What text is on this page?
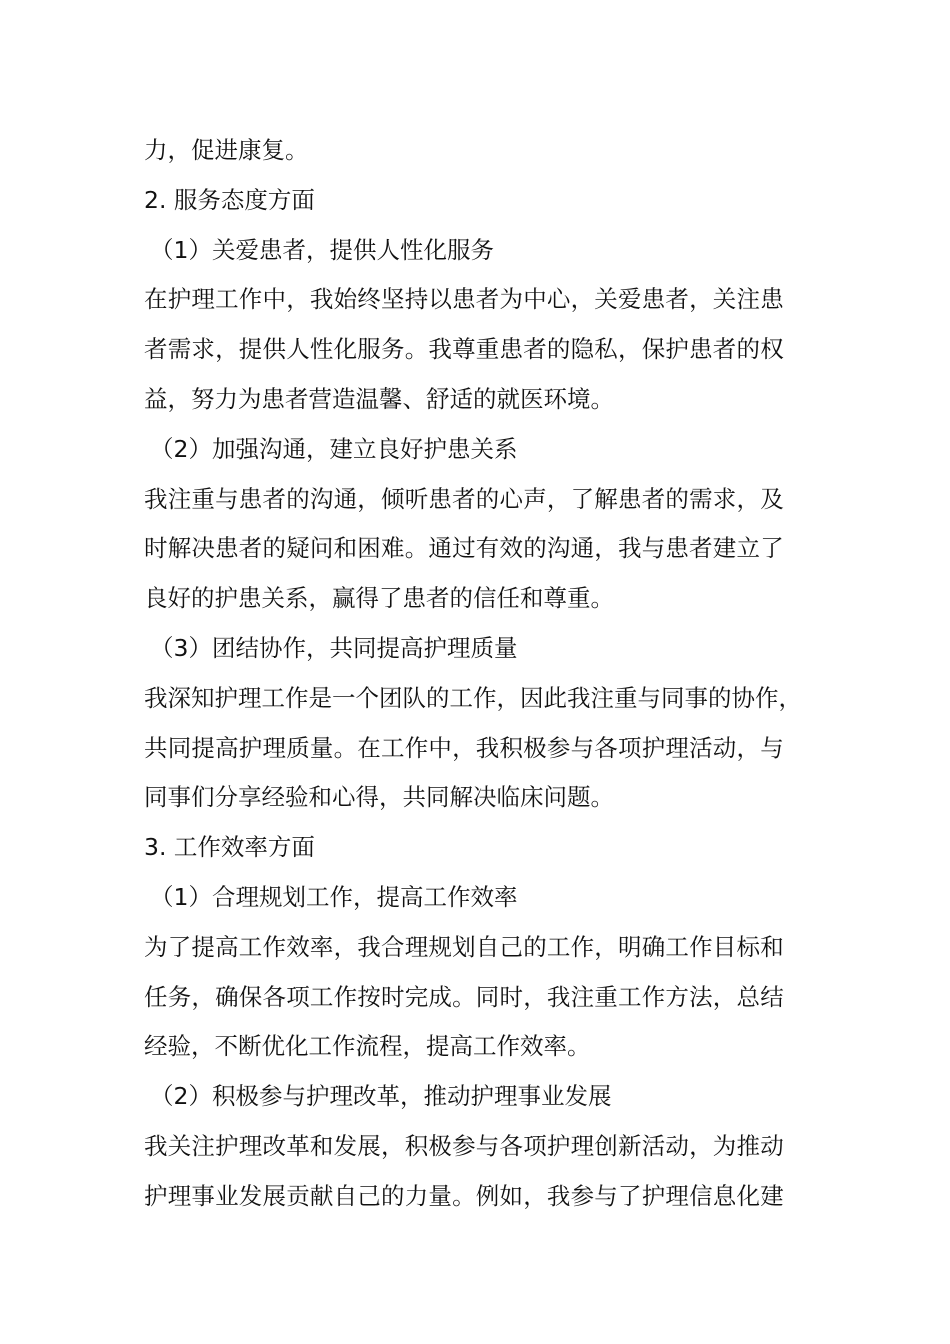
力，促进康复。
2. 服务态度方面
（1）关爱患者，提供人性化服务
在护理工作中，我始终坚持以患者为中心，关爱患者，关注患
者需求，提供人性化服务。我尊重患者的隐私，保护患者的权
益，努力为患者营造温馨、舒适的就医环境。
（2）加强沟通，建立良好护患关系
我注重与患者的沟通，倾听患者的心声，了解患者的需求，及
时解决患者的疑问和困难。通过有效的沟通，我与患者建立了
良好的护患关系，赢得了患者的信任和尊重。
（3）团结协作，共同提高护理质量
我深知护理工作是一个团队的工作，因此我注重与同事的协作，
共同提高护理质量。在工作中，我积极参与各项护理活动，与
同事们分享经验和心得，共同解决临床问题。
3. 工作效率方面
（1）合理规划工作，提高工作效率
为了提高工作效率，我合理规划自己的工作，明确工作目标和
任务，确保各项工作按时完成。同时，我注重工作方法，总结
经验，不断优化工作流程，提高工作效率。
（2）积极参与护理改革，推动护理事业发展
我关注护理改革和发展，积极参与各项护理创新活动，为推动
护理事业发展贡献自己的力量。例如，我参与了护理信息化建
